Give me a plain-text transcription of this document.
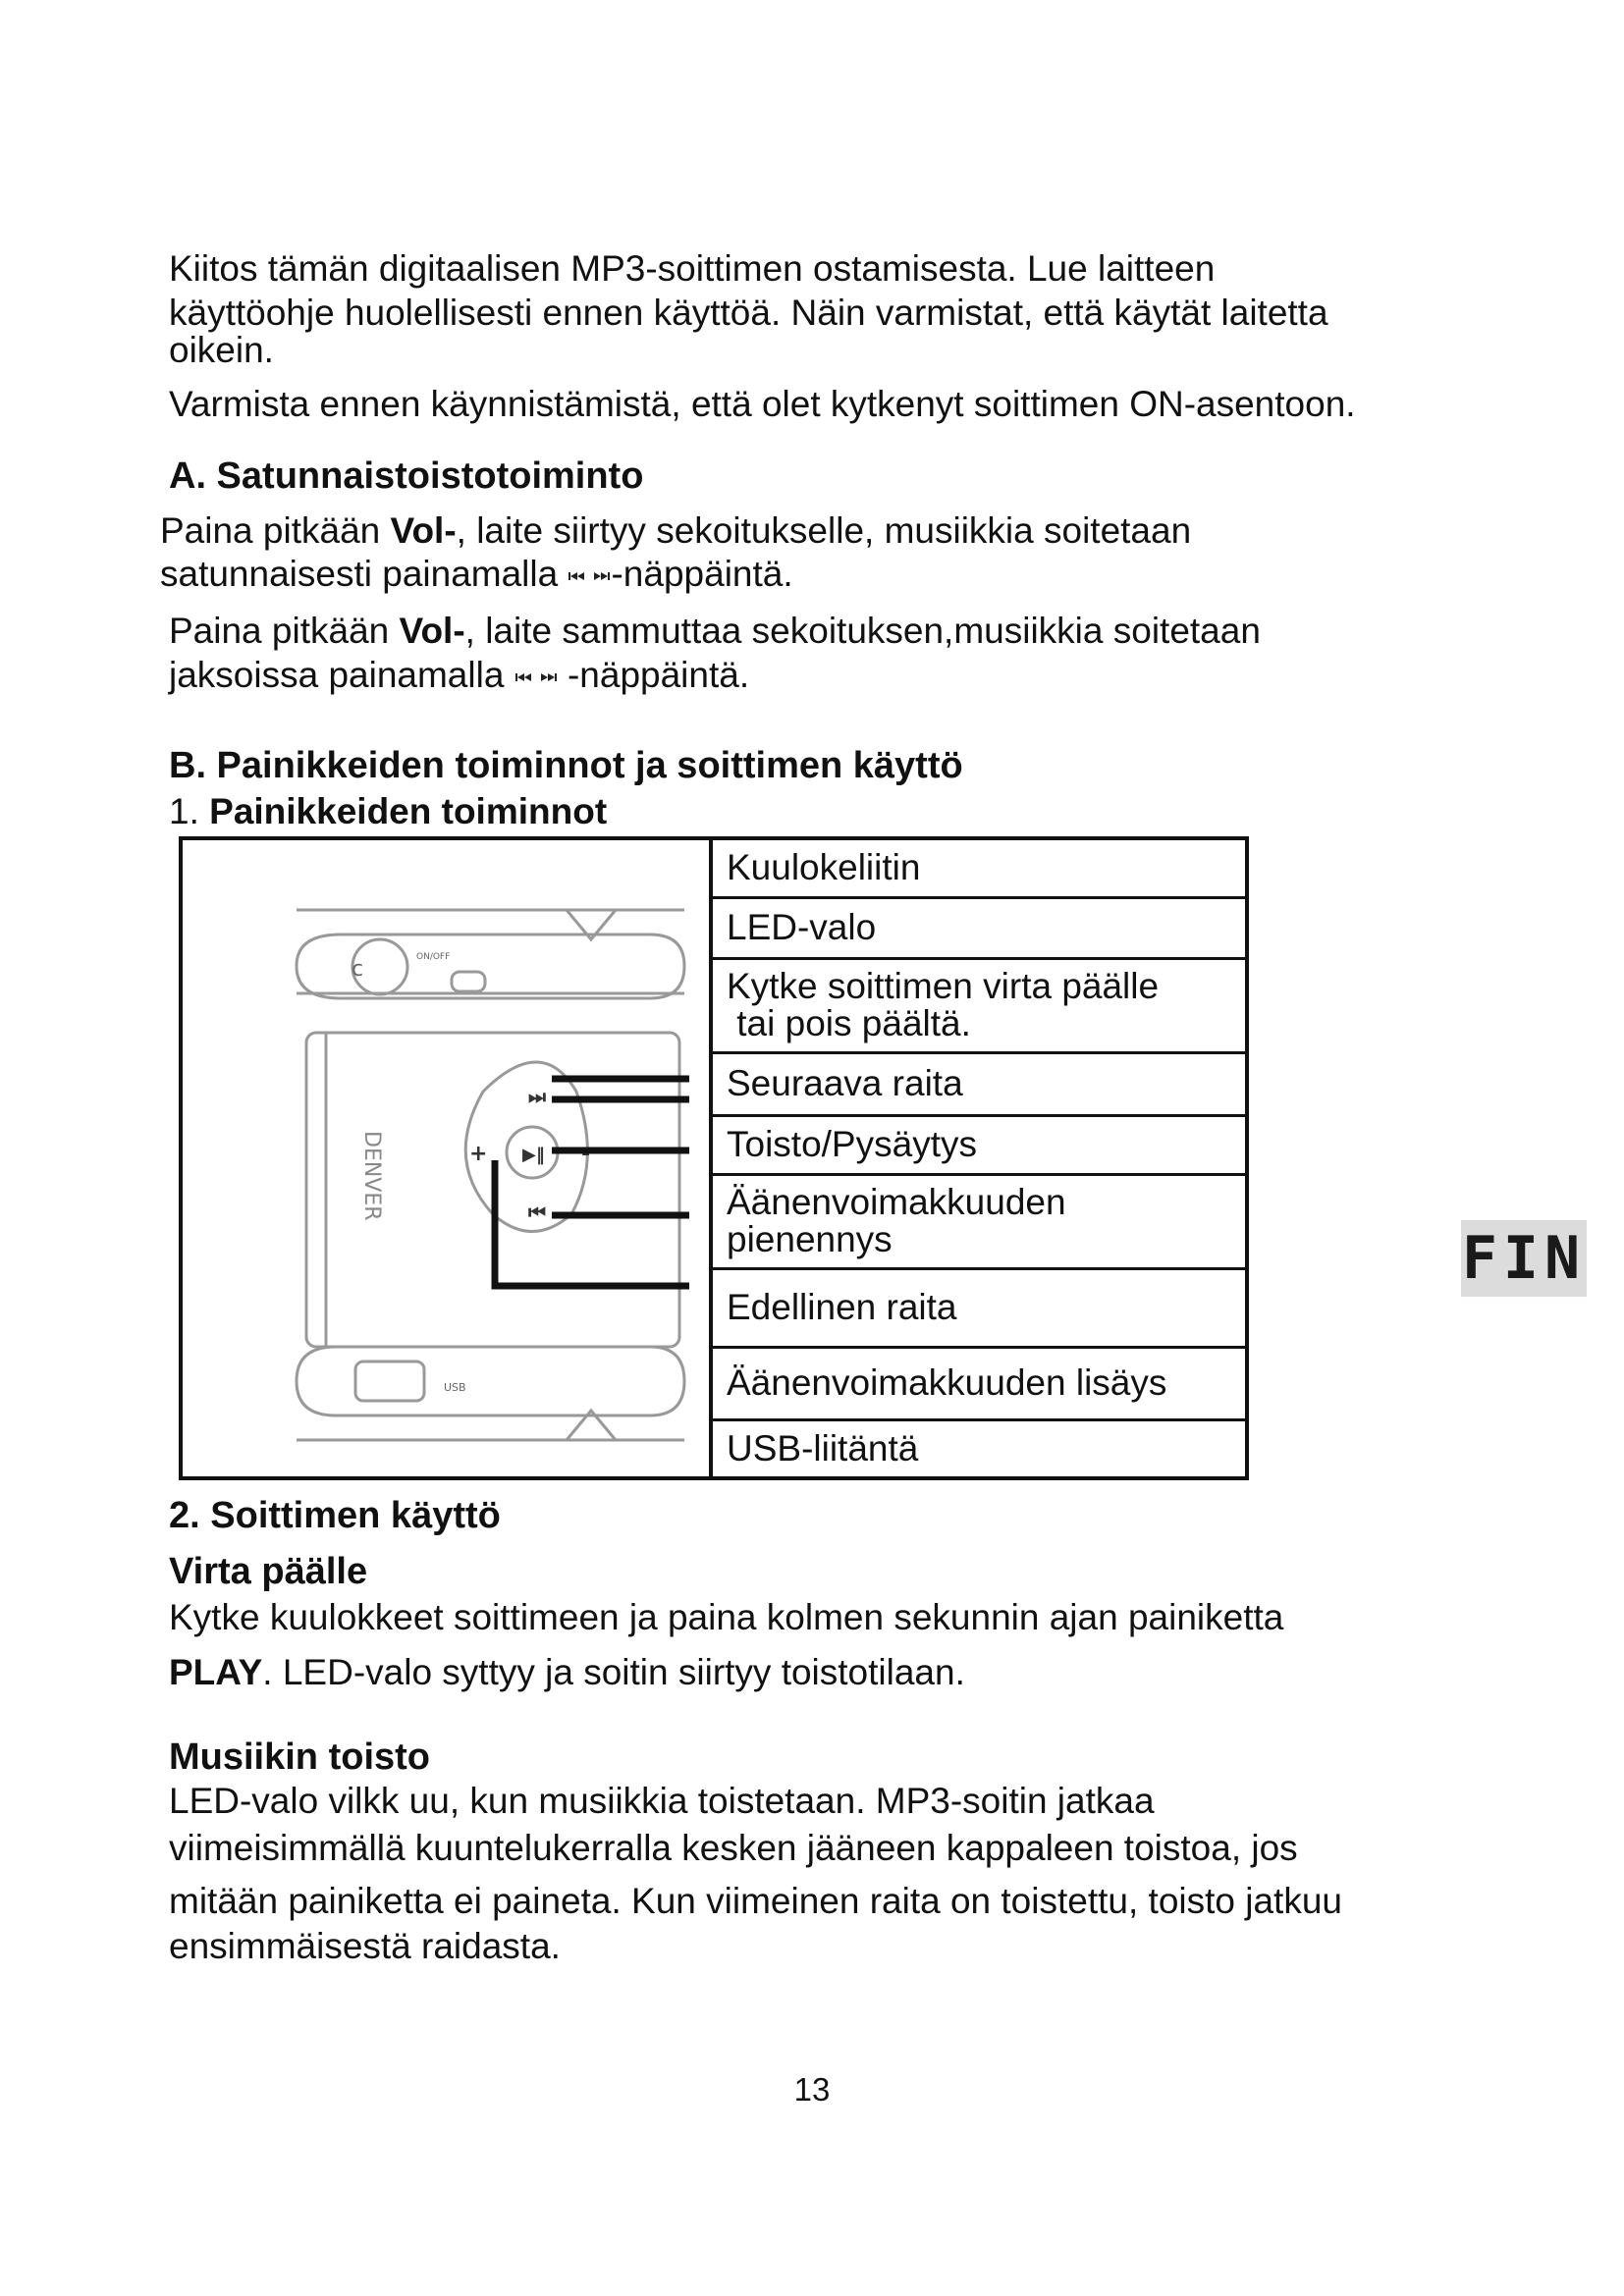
Kiitos tämän digitaalisen MP3-soittimen ostamisesta. Lue laitteen
käyttöohje huolellisesti ennen käyttöä. Näin varmistat, että käytät laitetta
oikein.
Varmista ennen käynnistämistä, että olet kytkenyt soittimen ON-asentoon.
A. Satunnaistoistotoiminto
Paina pitkään Vol-, laite siirtyy sekoitukselle, musiikkia soitetaan
satunnaisesti painamalla -näppäintä.
Paina pitkään Vol-, laite sammuttaa sekoituksen,musiikkia soitetaan
jaksoissa painamalla  -näppäintä.
B. Painikkeiden toiminnot ja soittimen käyttö
1. Painikkeiden toiminnot
c	ON/OFF
USB
DENVER
⏭
▶‖ -
+
⏮
Kuulokeliitin
LED-valo

Kytke soittimen virta päälle
tai pois päältä.

Seuraava raita
Toisto/Pysäytys

Äänenvoimakkuuden
pienennys

Edellinen raita
Äänenvoimakkuuden lisäys
USB-liitäntä
FIN
2. Soittimen käyttö
Virta päälle
Kytke kuulokkeet soittimeen ja paina kolmen sekunnin ajan painiketta
PLAY. LED-valo syttyy ja soitin siirtyy toistotilaan.
Musiikin toisto
LED-valo vilkk uu, kun musiikkia toistetaan. MP3-soitin jatkaa
viimeisimmällä kuuntelukerralla kesken jääneen kappaleen toistoa, jos
mitään painiketta ei paineta. Kun viimeinen raita on toistettu, toisto jatkuu
ensimmäisestä raidasta.
13
